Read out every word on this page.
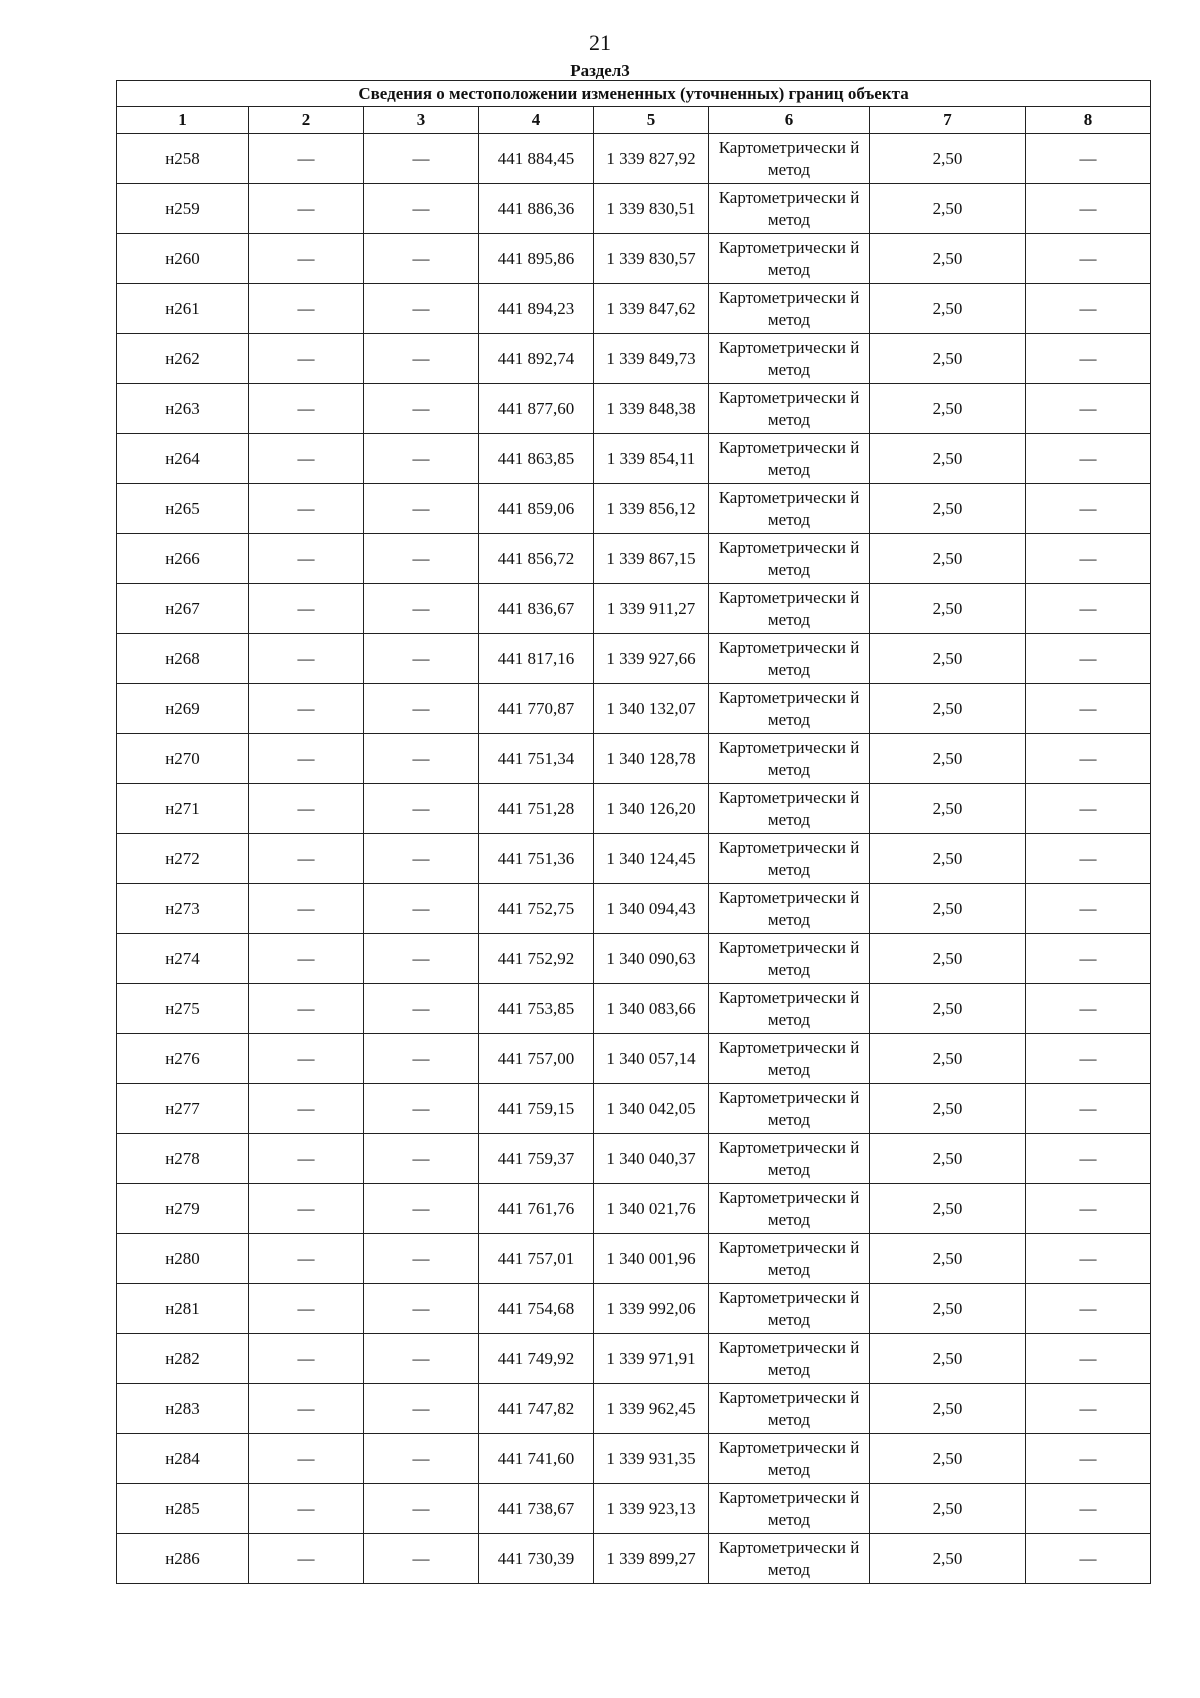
21
Раздел3
Сведения о местоположении измененных (уточненных) границ объекта							
1	2	3	4	5	6	7	8
н258	—	—	441 884,45	1 339 827,92	Картометрически й метод	2,50	—
н259	—	—	441 886,36	1 339 830,51	Картометрически й метод	2,50	—
н260	—	—	441 895,86	1 339 830,57	Картометрически й метод	2,50	—
н261	—	—	441 894,23	1 339 847,62	Картометрически й метод	2,50	—
н262	—	—	441 892,74	1 339 849,73	Картометрически й метод	2,50	—
н263	—	—	441 877,60	1 339 848,38	Картометрически й метод	2,50	—
н264	—	—	441 863,85	1 339 854,11	Картометрически й метод	2,50	—
н265	—	—	441 859,06	1 339 856,12	Картометрически й метод	2,50	—
н266	—	—	441 856,72	1 339 867,15	Картометрически й метод	2,50	—
н267	—	—	441 836,67	1 339 911,27	Картометрически й метод	2,50	—
н268	—	—	441 817,16	1 339 927,66	Картометрически й метод	2,50	—
н269	—	—	441 770,87	1 340 132,07	Картометрически й метод	2,50	—
н270	—	—	441 751,34	1 340 128,78	Картометрически й метод	2,50	—
н271	—	—	441 751,28	1 340 126,20	Картометрически й метод	2,50	—
н272	—	—	441 751,36	1 340 124,45	Картометрически й метод	2,50	—
н273	—	—	441 752,75	1 340 094,43	Картометрически й метод	2,50	—
н274	—	—	441 752,92	1 340 090,63	Картометрически й метод	2,50	—
н275	—	—	441 753,85	1 340 083,66	Картометрически й метод	2,50	—
н276	—	—	441 757,00	1 340 057,14	Картометрически й метод	2,50	—
н277	—	—	441 759,15	1 340 042,05	Картометрически й метод	2,50	—
н278	—	—	441 759,37	1 340 040,37	Картометрически й метод	2,50	—
н279	—	—	441 761,76	1 340 021,76	Картометрически й метод	2,50	—
н280	—	—	441 757,01	1 340 001,96	Картометрически й метод	2,50	—
н281	—	—	441 754,68	1 339 992,06	Картометрически й метод	2,50	—
н282	—	—	441 749,92	1 339 971,91	Картометрически й метод	2,50	—
н283	—	—	441 747,82	1 339 962,45	Картометрически й метод	2,50	—
н284	—	—	441 741,60	1 339 931,35	Картометрически й метод	2,50	—
н285	—	—	441 738,67	1 339 923,13	Картометрически й метод	2,50	—
н286	—	—	441 730,39	1 339 899,27	Картометрически й метод	2,50	—
